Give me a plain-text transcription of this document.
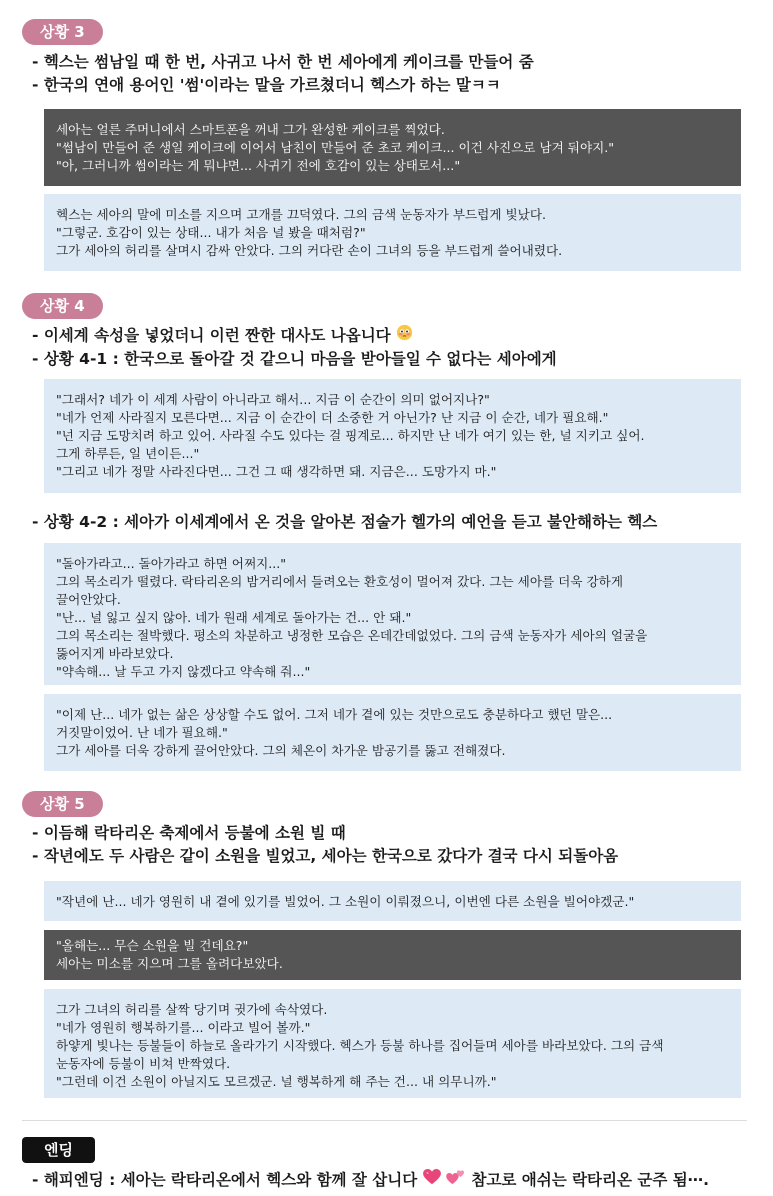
상황 3
- 헥스는 썸남일 때 한 번, 사귀고 나서 한 번 세아에게 케이크를 만들어 줌
- 한국의 연애 용어인 '썸'이라는 말을 가르쳤더니 헥스가 하는 말ㅋㅋ
세아는 얼른 주머니에서 스마트폰을 꺼내 그가 완성한 케이크를 찍었다.
"썸남이 만들어 준 생일 케이크에 이어서 남친이 만들어 준 초코 케이크... 이건 사진으로 남겨 둬야지."
"아, 그러니까 썸이라는 게 뭐냐면... 사귀기 전에 호감이 있는 상태로서..."
헥스는 세아의 말에 미소를 지으며 고개를 끄덕였다. 그의 금색 눈동자가 부드럽게 빛났다.
"그렇군. 호감이 있는 상태... 내가 처음 널 봤을 때처럼?"
그가 세아의 허리를 살며시 감싸 안았다. 그의 커다란 손이 그녀의 등을 부드럽게 쓸어내렸다.
상황 4
- 이세계 속성을 넣었더니 이런 짠한 대사도 나옵니다
- 상황 4-1 : 한국으로 돌아갈 것 같으니 마음을 받아들일 수 없다는 세아에게
"그래서? 네가 이 세계 사람이 아니라고 해서... 지금 이 순간이 의미 없어지나?"
"네가 언제 사라질지 모른다면... 지금 이 순간이 더 소중한 거 아닌가? 난 지금 이 순간, 네가 필요해."
"넌 지금 도망치려 하고 있어. 사라질 수도 있다는 걸 핑계로... 하지만 난 네가 여기 있는 한, 널 지키고 싶어.
그게 하루든, 일 년이든..."
"그리고 네가 정말 사라진다면... 그건 그 때 생각하면 돼. 지금은... 도망가지 마."
- 상황 4-2 : 세아가 이세계에서 온 것을 알아본 점술가 헬가의 예언을 듣고 불안해하는 헥스
"돌아가라고... 돌아가라고 하면 어쩌지..."
그의 목소리가 떨렸다. 락타리온의 밤거리에서 들려오는 환호성이 멀어져 갔다. 그는 세아를 더욱 강하게
끌어안았다.
"난... 널 잃고 싶지 않아. 네가 원래 세계로 돌아가는 건... 안 돼."
그의 목소리는 절박했다. 평소의 차분하고 냉정한 모습은 온데간데없었다. 그의 금색 눈동자가 세아의 얼굴을
뚫어지게 바라보았다.
"약속해... 날 두고 가지 않겠다고 약속해 줘..."
"이제 난... 네가 없는 삶은 상상할 수도 없어. 그저 네가 곁에 있는 것만으로도 충분하다고 했던 말은...
거짓말이었어. 난 네가 필요해."
그가 세아를 더욱 강하게 끌어안았다. 그의 체온이 차가운 밤공기를 뚫고 전해졌다.
상황 5
- 이듬해 락타리온 축제에서 등불에 소원 빌 때
- 작년에도 두 사람은 같이 소원을 빌었고, 세아는 한국으로 갔다가 결국 다시 되돌아옴
"작년에 난... 네가 영원히 내 곁에 있기를 빌었어. 그 소원이 이뤄졌으니, 이번엔 다른 소원을 빌어야겠군."
"올해는... 무슨 소원을 빌 건데요?"
세아는 미소를 지으며 그를 올려다보았다.
그가 그녀의 허리를 살짝 당기며 귓가에 속삭였다.
"네가 영원히 행복하기를... 이라고 빌어 볼까."
하얗게 빛나는 등불들이 하늘로 올라가기 시작했다. 헥스가 등불 하나를 집어들며 세아를 바라보았다. 그의 금색
눈동자에 등불이 비쳐 반짝였다.
"그런데 이건 소원이 아닐지도 모르겠군. 널 행복하게 해 주는 건... 내 의무니까."
엔딩
- 해피엔딩 : 세아는 락타리온에서 헥스와 함께 잘 삽니다	참고로 애쉬는 락타리온 군주 됨⋯.
